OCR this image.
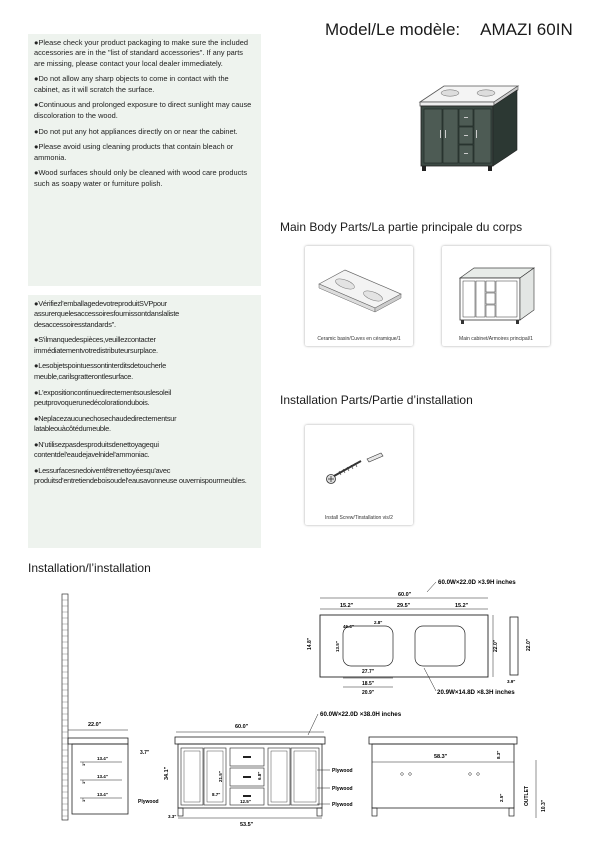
Model/Le modèle: AMAZI 60IN

●Please check your product packaging to make sure the included accessories are in the "list of standard accessories". If any parts are missing, please contact your local dealer immediately.

●Do not allow any sharp objects to come in contact with the cabinet, as it will scratch the surface.

●Continuous and prolonged exposure to direct sunlight may cause discoloration to the wood.

●Do not put any hot appliances directly on or near the cabinet.

●Please avoid using cleaning products that contain bleach or ammonia.

●Wood surfaces should only be cleaned with wood care products such as soapy water or furniture polish.

●Vérifiezl'emballagedevotreproduitSVPpour assurerquelesaccessoiresfournissontdanslaliste desaccessoiresstandards".

●S'ilmanquedespièces,veuillezcontacter immédiatementvotredistributeursurplace.

●Lesobjetspointuessontinterditsdetoucherle meuble,carilsgratterontlesurface.

●L'expositioncontinuedirectementsouslesoleil peutprovoquerunedécolorationdubois.

●Neplacezaucunechosechaudedirectementsur latableouàcôtédumeuble.

●N'utilisezpasdesproduitsdenettoyagequi contentdel'eaudejavelnidel'ammoniac.

●Lessurfacesnedoiventêtrenettoyéesqu'avec produitsd'entretiendeboisoudel'eausavonneuse ouvernispourmeubles.

Main Body Parts/La partie principale du corps
Ceramic basin/Cuves en céramique/1	Main cabinet/Armoires principal/1
Installation Parts/Partie d’installation
Install Screw/Tinstallation vis/2
Installation/l’installation
60.0W×22.0D ×3.9H inches
60.0"
15.2"	29.5"	15.2"
46.4"
2.8"
14.8"	13.5"	22.0"
27.7"
18.5"
20.9"	20.9W×14.8D ×8.3H inches
22.0"
3.9"
22.0"
3.7"
13.4"
13.4"
13.4"
1"
1"
1"	Plywood
60.0W×22.0D ×38.0H inches
60.0"
34.1"	21.5"
8.7"
12.5"
6.8"
53.5"
3.3"
Plywood
Plywood
Plywood
58.3"	8.3"
OUTLET
2.5"
10.3"
